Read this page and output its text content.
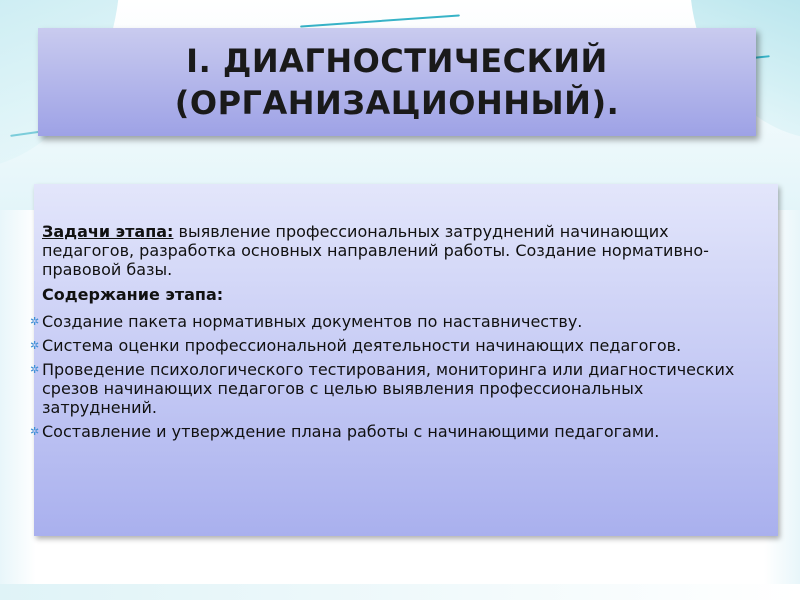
I. ДИАГНОСТИЧЕСКИЙ
(ОРГАНИЗАЦИОННЫЙ).

Задачи этапа: выявление профессиональных затруднений начинающих педагогов, разработка основных направлений работы. Создание нормативно-правовой базы.

Содержание этапа:

✲ Создание пакета нормативных документов по наставничеству.
✲ Система оценки профессиональной деятельности начинающих педагогов.
✲ Проведение психологического тестирования, мониторинга или диагностических срезов начинающих педагогов с целью выявления профессиональных затруднений.
✲ Составление и утверждение плана работы с начинающими педагогами.
